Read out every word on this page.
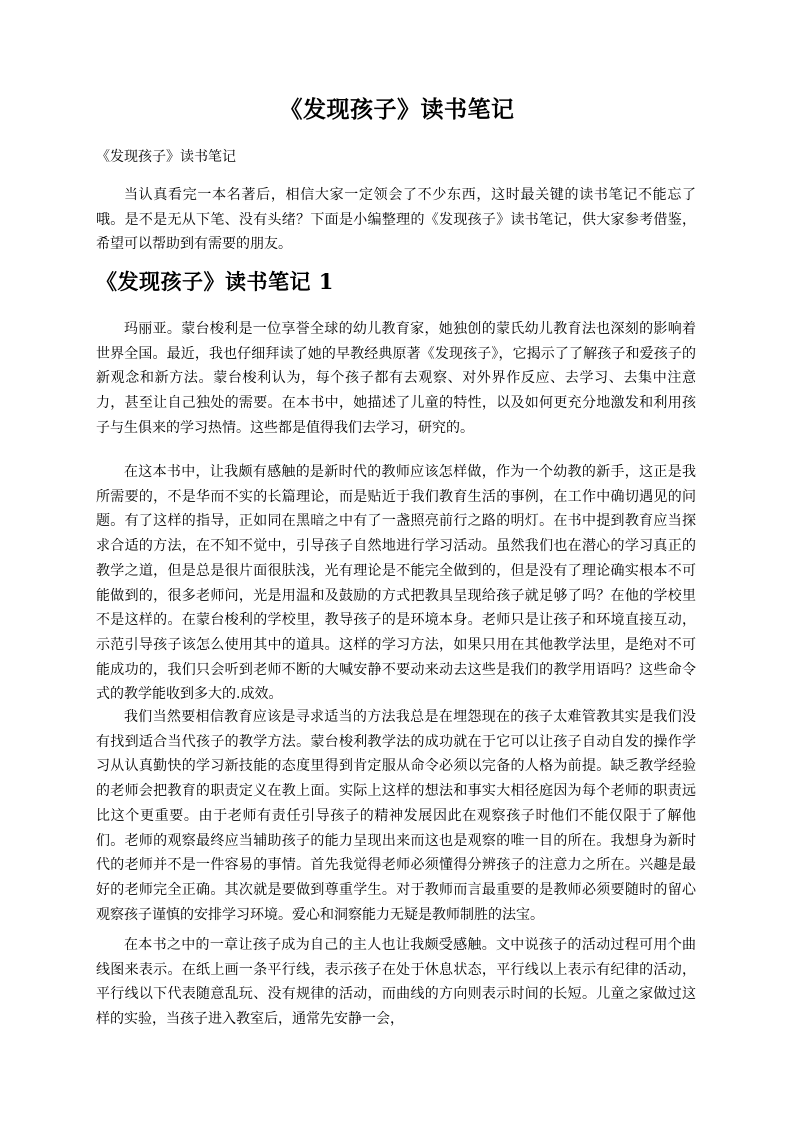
《发现孩子》读书笔记

《发现孩子》读书笔记

当认真看完一本名著后，相信大家一定领会了不少东西，这时最关键的读书笔记不能忘了哦。是不是无从下笔、没有头绪？下面是小编整理的《发现孩子》读书笔记，供大家参考借鉴，希望可以帮助到有需要的朋友。

《发现孩子》读书笔记 1

玛丽亚。蒙台梭利是一位享誉全球的幼儿教育家，她独创的蒙氏幼儿教育法也深刻的影响着世界全国。最近，我也仔细拜读了她的早教经典原著《发现孩子》，它揭示了了解孩子和爱孩子的新观念和新方法。蒙台梭利认为，每个孩子都有去观察、对外界作反应、去学习、去集中注意力，甚至让自己独处的需要。在本书中，她描述了儿童的特性，以及如何更充分地激发和利用孩子与生俱来的学习热情。这些都是值得我们去学习，研究的。

在这本书中，让我颇有感触的是新时代的教师应该怎样做，作为一个幼教的新手，这正是我所需要的，不是华而不实的长篇理论，而是贴近于我们教育生活的事例，在工作中确切遇见的问题。有了这样的指导，正如同在黑暗之中有了一盏照亮前行之路的明灯。在书中提到教育应当探求合适的方法，在不知不觉中，引导孩子自然地进行学习活动。虽然我们也在潜心的学习真正的教学之道，但是总是很片面很肤浅，光有理论是不能完全做到的，但是没有了理论确实根本不可能做到的，很多老师问，光是用温和及鼓励的方式把教具呈现给孩子就足够了吗？在他的学校里不是这样的。在蒙台梭利的学校里，教导孩子的是环境本身。老师只是让孩子和环境直接互动，示范引导孩子该怎么使用其中的道具。这样的学习方法，如果只用在其他教学法里，是绝对不可能成功的，我们只会听到老师不断的大喊安静不要动来动去这些是我们的教学用语吗？这些命令式的教学能收到多大的.成效。

我们当然要相信教育应该是寻求适当的方法我总是在埋怨现在的孩子太难管教其实是我们没有找到适合当代孩子的教学方法。蒙台梭利教学法的成功就在于它可以让孩子自动自发的操作学习从认真勤快的学习新技能的态度里得到肯定服从命令必须以完备的人格为前提。缺乏教学经验的老师会把教育的职责定义在教上面。实际上这样的想法和事实大相径庭因为每个老师的职责远比这个更重要。由于老师有责任引导孩子的精神发展因此在观察孩子时他们不能仅限于了解他们。老师的观察最终应当辅助孩子的能力呈现出来而这也是观察的唯一目的所在。我想身为新时代的老师并不是一件容易的事情。首先我觉得老师必须懂得分辨孩子的注意力之所在。兴趣是最好的老师完全正确。其次就是要做到尊重学生。对于教师而言最重要的是教师必须要随时的留心观察孩子谨慎的安排学习环境。爱心和洞察能力无疑是教师制胜的法宝。

在本书之中的一章让孩子成为自己的主人也让我颇受感触。文中说孩子的活动过程可用个曲线图来表示。在纸上画一条平行线，表示孩子在处于休息状态，平行线以上表示有纪律的活动，平行线以下代表随意乱玩、没有规律的活动，而曲线的方向则表示时间的长短。儿童之家做过这样的实验，当孩子进入教室后，通常先安静一会，
